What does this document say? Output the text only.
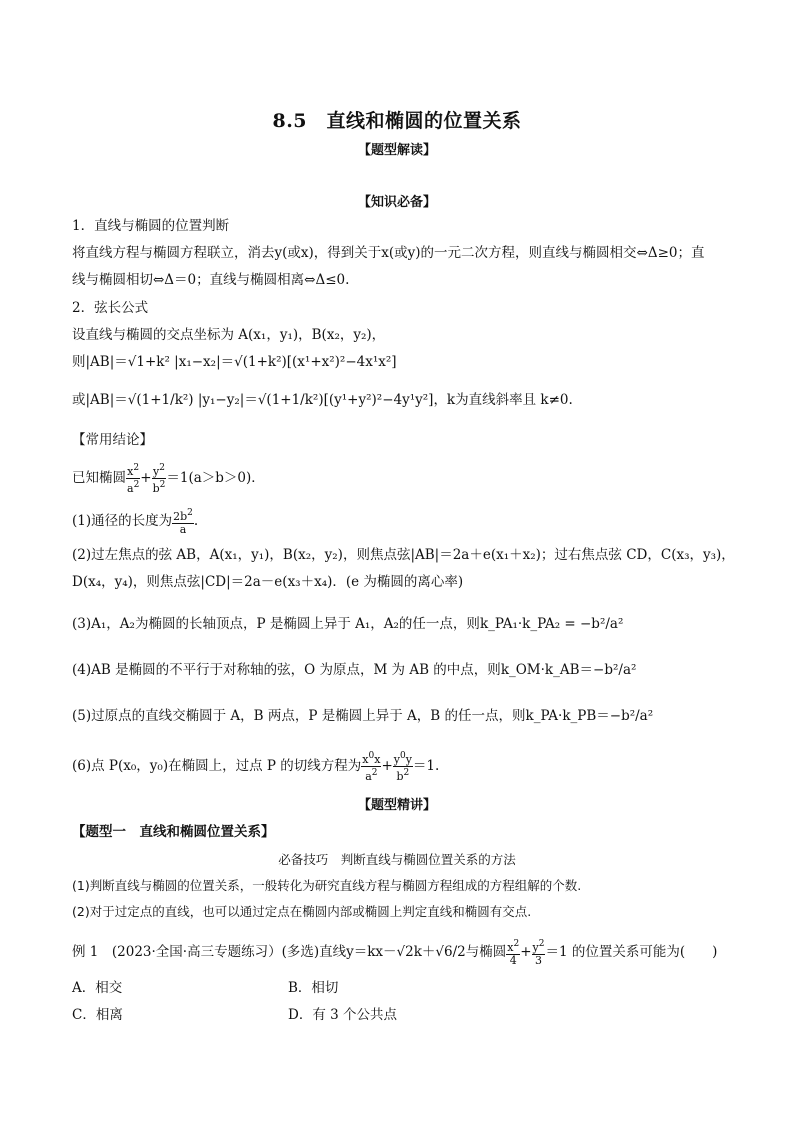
8.5　直线和椭圆的位置关系
【题型解读】
【知识必备】
1．直线与椭圆的位置判断
将直线方程与椭圆方程联立，消去y(或x)，得到关于x(或y)的一元二次方程，则直线与椭圆相交⇔Δ≥0；直
线与椭圆相切⇔Δ＝0；直线与椭圆相离⇔Δ≤0.
2．弦长公式
设直线与椭圆的交点坐标为 A(x₁，y₁)，B(x₂，y₂)，
则|AB|＝√1+k² |x₁−x₂|＝√(1+k²)[(x¹+x²)²−4x¹x²]
或|AB|＝√(1+1/k²) |y₁−y₂|＝√(1+1/k²)[(y¹+y²)²−4y¹y²]，k为直线斜率且 k≠0.
【常用结论】
已知椭圆 $\frac{x^2}{a^2} + \frac{y^2}{b^2} =1(a>b>0)$．
(1)通径的长度为 $\frac{2b^2}{a}$ .
(2)过左焦点的弦 AB，A(x₁，y₁)，B(x₂，y₂)，则焦点弦|AB|＝2a＋e(x₁＋x₂)；过右焦点弦 CD，C(x₃，y₃)，
D(x₄，y₄)，则焦点弦|CD|＝2a－e(x₃＋x₄)．(e 为椭圆的离心率)
(3)A₁，A₂为椭圆的长轴顶点，P 是椭圆上异于 A₁，A₂的任一点，则k_PA₁·k_PA₂ = −b²/a²
(4)AB 是椭圆的不平行于对称轴的弦，O 为原点，M 为 AB 的中点，则k_OM·k_AB＝−b²/a²
(5)过原点的直线交椭圆于 A，B 两点，P 是椭圆上异于 A，B 的任一点，则k_PA·k_PB＝−b²/a²
(6)点 P(x₀，y₀)在椭圆上，过点 P 的切线方程为 $\frac{x^0x}{a^2} + \frac{y^0y}{b^2} =1$.
【题型精讲】
【题型一　直线和椭圆位置关系】
必备技巧　判断直线与椭圆位置关系的方法
(1)判断直线与椭圆的位置关系，一般转化为研究直线方程与椭圆方程组成的方程组解的个数.
(2)对于过定点的直线，也可以通过定点在椭圆内部或椭圆上判定直线和椭圆有交点.
例 1　(2023·全国·高三专题练习）(多选)直线y＝kx－√2k＋√6/2与椭圆 $\frac{x^2}{4} + \frac{y^2}{3} =1$ 的位置关系可能为(　　)
A．相交	B．相切
C．相离	D．有 3 个公共点
